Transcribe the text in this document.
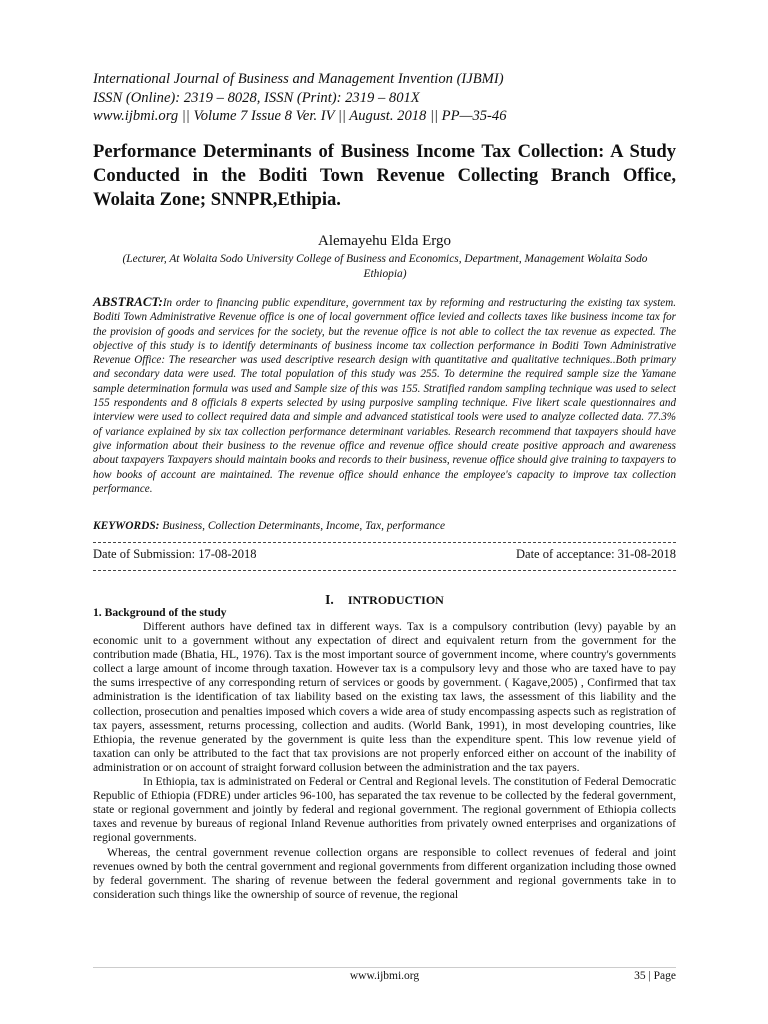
International Journal of Business and Management Invention (IJBMI)
ISSN (Online): 2319 – 8028, ISSN (Print): 2319 – 801X
www.ijbmi.org || Volume 7 Issue 8 Ver. IV || August. 2018 || PP—35-46
Performance Determinants of Business Income Tax Collection: A Study Conducted in the Boditi Town Revenue Collecting Branch Office, Wolaita Zone; SNNPR,Ethipia.
Alemayehu Elda Ergo
(Lecturer, At Wolaita Sodo University College of Business and Economics, Department, Management Wolaita Sodo Ethiopia)
ABSTRACT:In order to financing public expenditure, government tax by reforming and restructuring the existing tax system. Boditi Town Administrative Revenue office is one of local government office levied and collects taxes like business income tax for the provision of goods and services for the society, but the revenue office is not able to collect the tax revenue as expected. The objective of this study is to identify determinants of business income tax collection performance in Boditi Town Administrative Revenue Office: The researcher was used descriptive research design with quantitative and qualitative techniques..Both primary and secondary data were used. The total population of this study was 255. To determine the required sample size the Yamane sample determination formula was used and Sample size of this was 155. Stratified random sampling technique was used to select 155 respondents and 8 officials 8 experts selected by using purposive sampling technique. Five likert scale questionnaires and interview were used to collect required data and simple and advanced statistical tools were used to analyze collected data. 77.3% of variance explained by six tax collection performance determinant variables. Research recommend that taxpayers should have give information about their business to the revenue office and revenue office should create positive approach and awareness about taxpayers Taxpayers should maintain books and records to their business, revenue office should give training to taxpayers to how books of account are maintained. The revenue office should enhance the employee's capacity to improve tax collection performance.
KEYWORDS: Business, Collection Determinants, Income, Tax, performance
Date of Submission: 17-08-2018	Date of acceptance: 31-08-2018
I. INTRODUCTION
1. Background of the study

Different authors have defined tax in different ways. Tax is a compulsory contribution (levy) payable by an economic unit to a government without any expectation of direct and equivalent return from the government for the contribution made (Bhatia, HL, 1976). Tax is the most important source of government income, where country's governments collect a large amount of income through taxation. However tax is a compulsory levy and those who are taxed have to pay the sums irrespective of any corresponding return of services or goods by government. ( Kagave,2005) , Confirmed that tax administration is the identification of tax liability based on the existing tax laws, the assessment of this liability and the collection, prosecution and penalties imposed which covers a wide area of study encompassing aspects such as registration of tax payers, assessment, returns processing, collection and audits. (World Bank, 1991), in most developing countries, like Ethiopia, the revenue generated by the government is quite less than the expenditure spent. This low revenue yield of taxation can only be attributed to the fact that tax provisions are not properly enforced either on account of the inability of administration or on account of straight forward collusion between the administration and the tax payers.

In Ethiopia, tax is administrated on Federal or Central and Regional levels. The constitution of Federal Democratic Republic of Ethiopia (FDRE) under articles 96-100, has separated the tax revenue to be collected by the federal government, state or regional government and jointly by federal and regional government. The regional government of Ethiopia collects taxes and revenue by bureaus of regional Inland Revenue authorities from privately owned enterprises and organizations of regional governments.

Whereas, the central government revenue collection organs are responsible to collect revenues of federal and joint revenues owned by both the central government and regional governments from different organization including those owned by federal government. The sharing of revenue between the federal government and regional governments take in to consideration such things like the ownership of source of revenue, the regional

www.ijbmi.org	35 | Page
